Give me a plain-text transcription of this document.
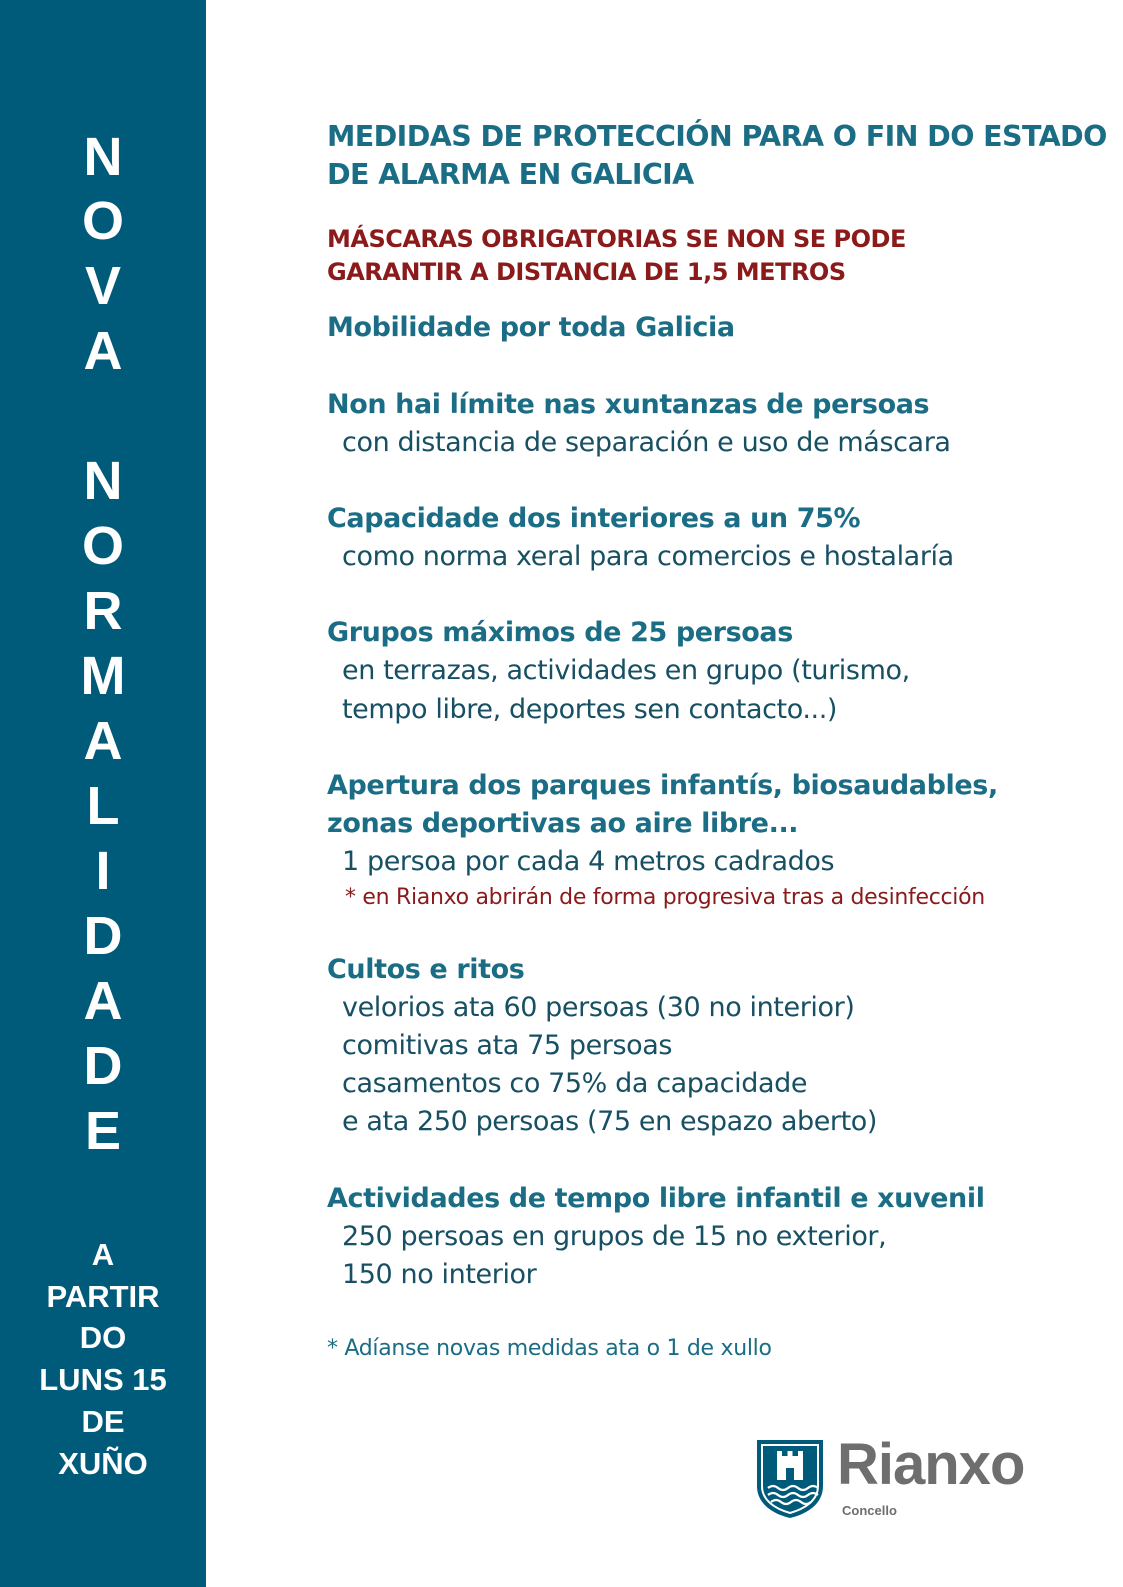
N
O
V
A
N
O
R
M
A
L
I
D
A
D
E
A
PARTIR
DO
LUNS 15
DE
XUÑO
MEDIDAS DE PROTECCIÓN PARA O FIN DO ESTADO
DE ALARMA EN GALICIA
MÁSCARAS OBRIGATORIAS SE NON SE PODE
GARANTIR A DISTANCIA DE 1,5 METROS
Mobilidade por toda Galicia
Non hai límite nas xuntanzas de persoas
con distancia de separación e uso de máscara
Capacidade dos interiores a un 75%
como norma xeral para comercios e hostalaría
Grupos máximos de 25 persoas
en terrazas, actividades en grupo (turismo,
tempo libre, deportes sen contacto...)
Apertura dos parques infantís, biosaudables,
zonas deportivas ao aire libre...
1 persoa por cada 4 metros cadrados
* en Rianxo abrirán de forma progresiva tras a desinfección
Cultos e ritos
velorios ata 60 persoas (30 no interior)
comitivas ata 75 persoas
casamentos co 75% da capacidade
e ata 250 persoas (75 en espazo aberto)
Actividades de tempo libre infantil e xuvenil
250 persoas en grupos de 15 no exterior,
150 no interior
* Adíanse novas medidas ata o 1 de xullo
Rianxo
Concello
